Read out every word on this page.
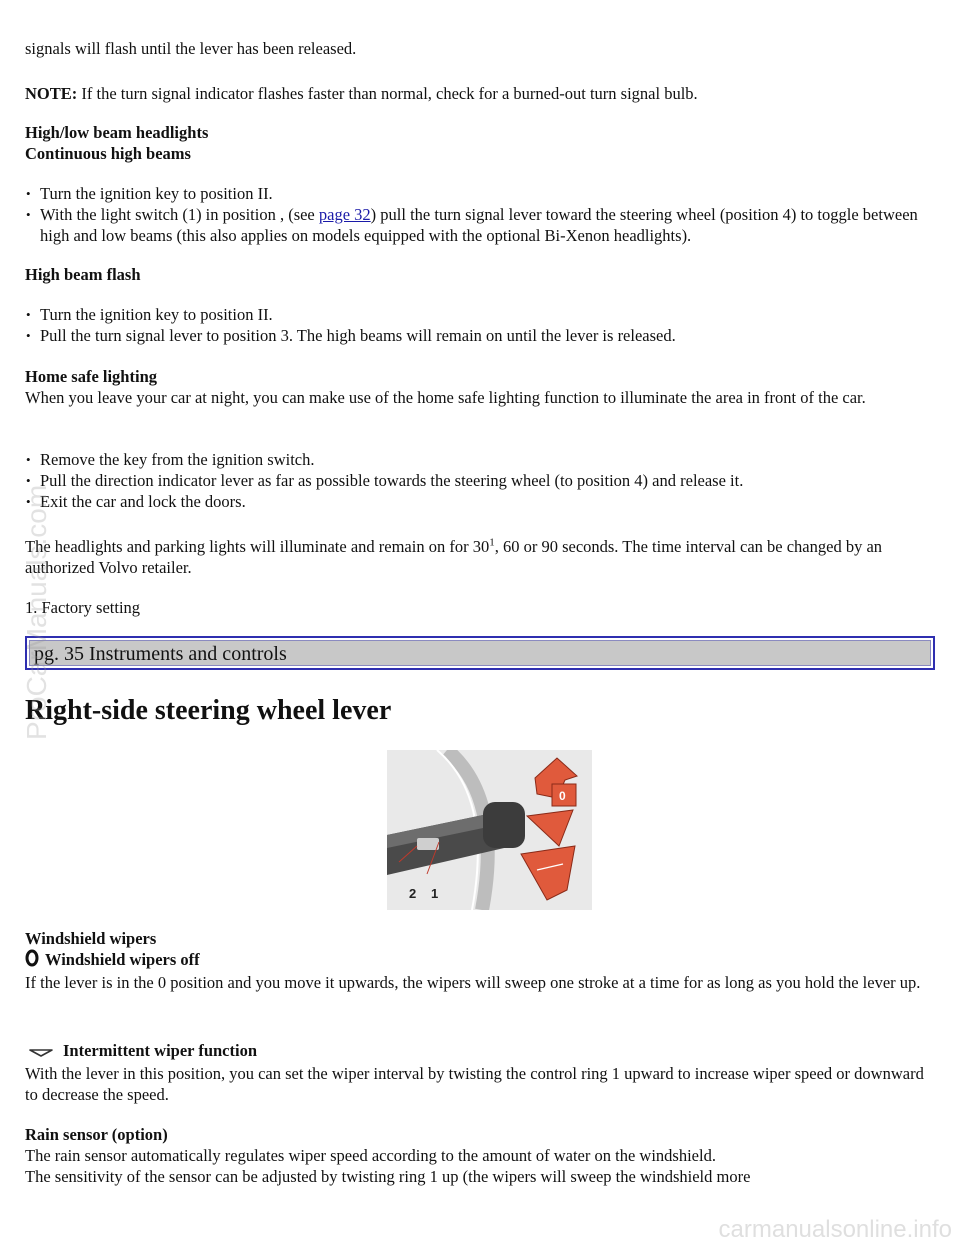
signals will flash until the lever has been released.

NOTE: If the turn signal indicator flashes faster than normal, check for a burned-out turn signal bulb.

High/low beam headlights

Continuous high beams

• Turn the ignition key to position II.
• With the light switch (1) in position , (see page 32) pull the turn signal lever toward the steering wheel (position 4) to toggle between high and low beams (this also applies on models equipped with the optional Bi-Xenon headlights).

High beam flash

• Turn the ignition key to position II.
• Pull the turn signal lever to position 3. The high beams will remain on until the lever is released.

Home safe lighting

When you leave your car at night, you can make use of the home safe lighting function to illuminate the area in front of the car.

• Remove the key from the ignition switch.
• Pull the direction indicator lever as far as possible towards the steering wheel (to position 4) and release it.
• Exit the car and lock the doors.

The headlights and parking lights will illuminate and remain on for $30^1$, 60 or 90 seconds. The time interval can be changed by an authorized Volvo retailer.

1. Factory setting

Windshield wipers

Windshield wipers off

If the lever is in the 0 position and you move it upwards, the wipers will sweep one stroke at a time for as long as you hold the lever up.

Intermittent wiper function

With the lever in this position, you can set the wiper interval by twisting the control ring 1 upward to increase wiper speed or downward to decrease the speed.

Rain sensor (option)

The rain sensor automatically regulates wiper speed according to the amount of water on the windshield.

The sensitivity of the sensor can be adjusted by twisting ring 1 up (the wipers will sweep the windshield more

pg. 35 Instruments and controls
Right-side steering wheel lever
2 1
0
ProCarManuals.com
carmanualsonline.info
